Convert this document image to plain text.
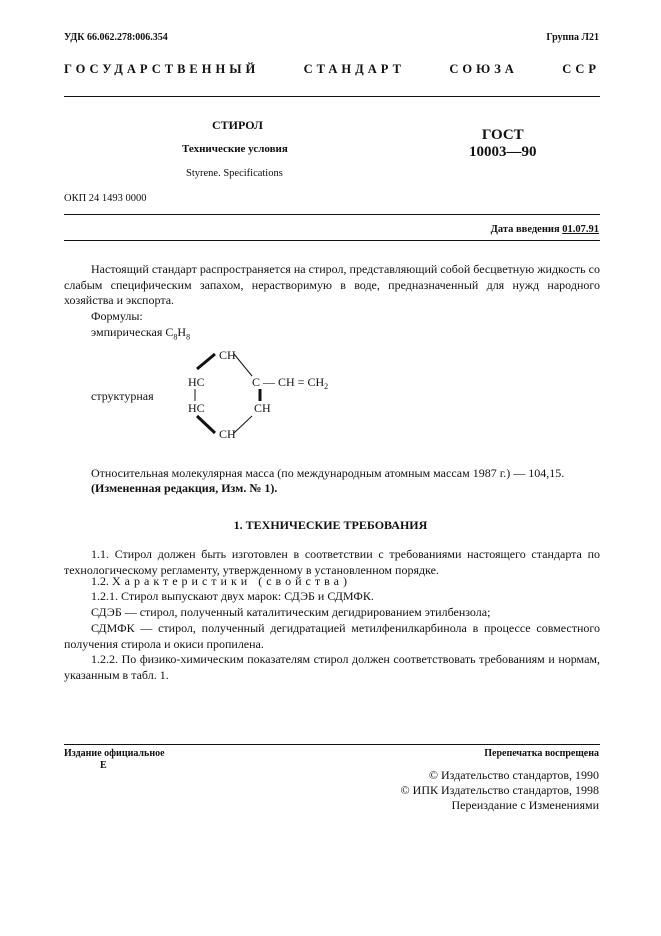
УДК 66.062.278:006.354	Группа Л21
ГОСУДАРСТВЕННЫЙ	СТАНДАРТ	СОЮЗА	ССР
СТИРОЛ
Технические условия
Styrene. Specifications
ГОСТ
10003—90
ОКП 24 1493 0000
Дата введения 01.07.91
Настоящий стандарт распространяется на стирол, представляющий собой бесцветную жидкость со слабым специфическим запахом, нерастворимую в воде, предназначенный для нужд народного хозяйства и экспорта.
Формулы:
эмпирическая $C_8H_8$
структурная
CH
HC	C — CH = $CH_2$
HC	CH
CH
Относительная молекулярная масса (по международным атомным массам 1987 г.) — 104,15.
(Измененная редакция, Изм. № 1).
1. ТЕХНИЧЕСКИЕ ТРЕБОВАНИЯ
1.1. Стирол должен быть изготовлен в соответствии с требованиями настоящего стандарта по технологическому регламенту, утвержденному в установленном порядке.
1.2. Характеристики (свойства)
1.2.1. Стирол выпускают двух марок: СДЭБ и СДМФК.
СДЭБ — стирол, полученный каталитическим дегидрированием этилбензола;
СДМФК — стирол, полученный дегидратацией метилфенилкарбинола в процессе совместного получения стирола и окиси пропилена.
1.2.2. По физико-химическим показателям стирол должен соответствовать требованиям и нормам, указанным в табл. 1.
Издание официальное
Е
Перепечатка воспрещена
© Издательство стандартов, 1990
© ИПК Издательство стандартов, 1998
Переиздание с Изменениями
